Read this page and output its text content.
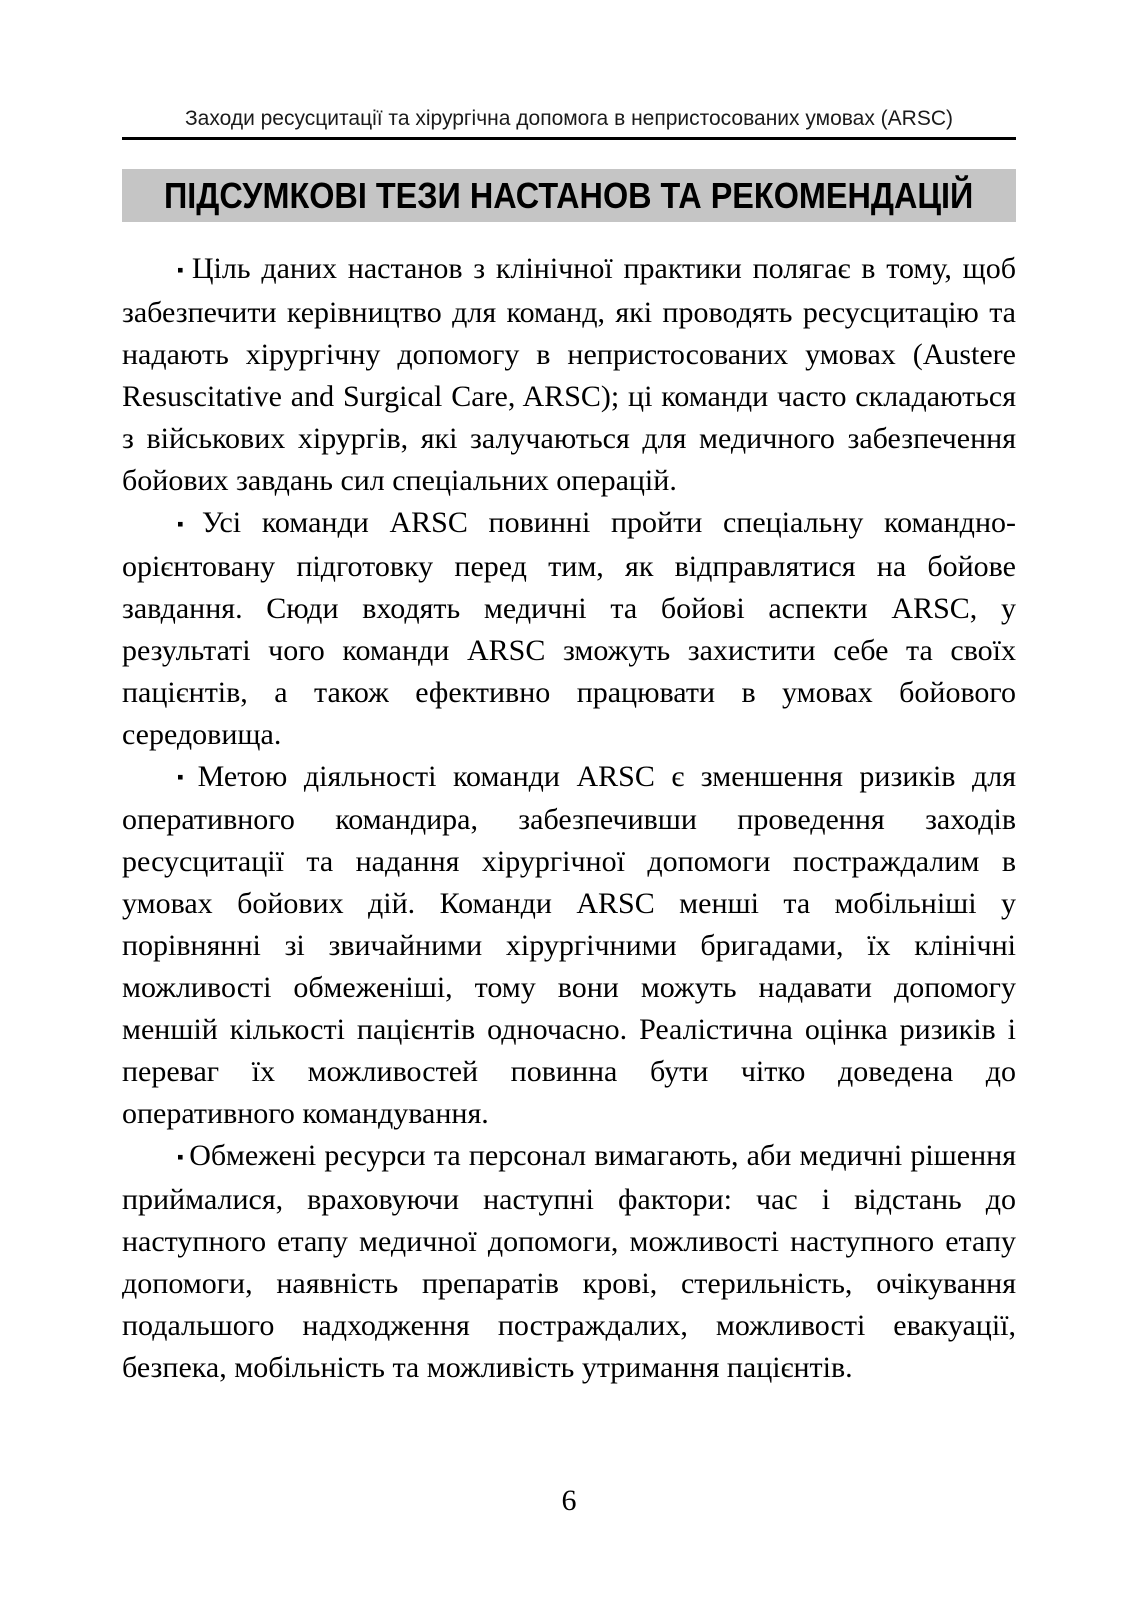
Заходи ресусцитації та хірургічна допомога в непристосованих умовах (ARSC)
ПІДСУМКОВІ ТЕЗИ НАСТАНОВ ТА РЕКОМЕНДАЦІЙ

▪ Ціль даних настанов з клінічної практики полягає в тому, щоб забезпечити керівництво для команд, які проводять ресусцитацію та надають хірургічну допомогу в непристосованих умовах (Austere Resuscitative and Surgical Care, ARSC); ці команди часто складаються з військових хірургів, які залучаються для медичного забезпечення бойових завдань сил спеціальних операцій.

▪ Усі команди ARSC повинні пройти спеціальну командно-орієнтовану підготовку перед тим, як відправлятися на бойове завдання. Сюди входять медичні та бойові аспекти ARSC, у результаті чого команди ARSC зможуть захистити себе та своїх пацієнтів, а також ефективно працювати в умовах бойового середовища.

▪ Метою діяльності команди ARSC є зменшення ризиків для оперативного командира, забезпечивши проведення заходів ресусцитації та надання хірургічної допомоги постраждалим в умовах бойових дій. Команди ARSC менші та мобільніші у порівнянні зі звичайними хірургічними бригадами, їх клінічні можливості обмеженіші, тому вони можуть надавати допомогу меншій кількості пацієнтів одночасно. Реалістична оцінка ризиків і переваг їх можливостей повинна бути чітко доведена до оперативного командування.

▪ Обмежені ресурси та персонал вимагають, аби медичні рішення приймалися, враховуючи наступні фактори: час і відстань до наступного етапу медичної допомоги, можливості наступного етапу допомоги, наявність препаратів крові, стерильність, очікування подальшого надходження постраждалих, можливості евакуації, безпека, мобільність та можливість утримання пацієнтів.

6
